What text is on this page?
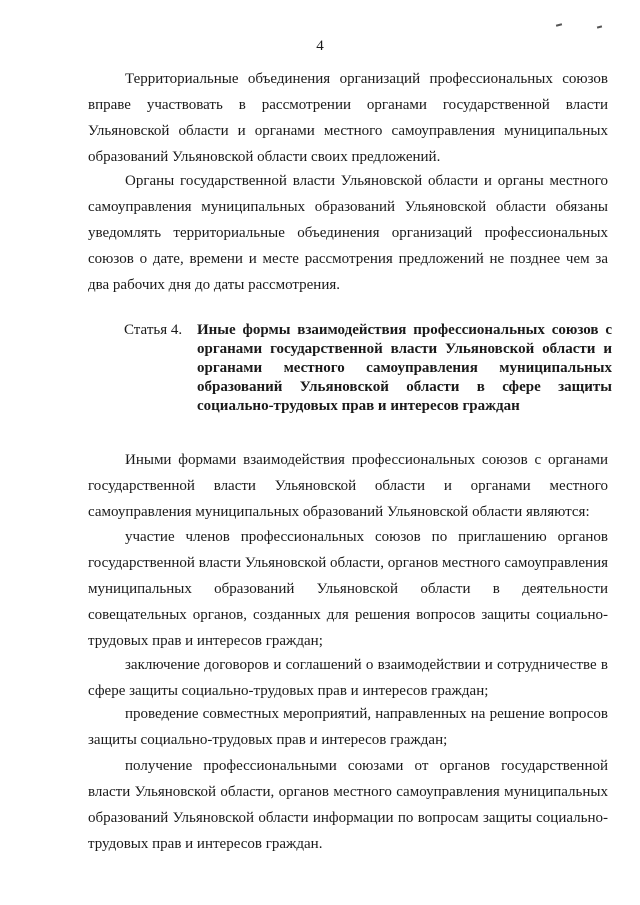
4

Территориальные объединения организаций профессиональных союзов вправе участвовать в рассмотрении органами государственной власти Ульяновской области и органами местного самоуправления муниципальных образований Ульяновской области своих предложений.

Органы государственной власти Ульяновской области и органы местного самоуправления муниципальных образований Ульяновской области обязаны уведомлять территориальные объединения организаций профессиональных союзов о дате, времени и месте рассмотрения предложений не позднее чем за два рабочих дня до даты рассмотрения.

Статья 4. Иные формы взаимодействия профессиональных союзов с органами государственной власти Ульяновской области и органами местного самоуправления муниципальных образований Ульяновской области в сфере защиты социально-трудовых прав и интересов граждан

Иными формами взаимодействия профессиональных союзов с органами государственной власти Ульяновской области и органами местного самоуправления муниципальных образований Ульяновской области являются:

участие членов профессиональных союзов по приглашению органов государственной власти Ульяновской области, органов местного самоуправления муниципальных образований Ульяновской области в деятельности совещательных органов, созданных для решения вопросов защиты социально-трудовых прав и интересов граждан;

заключение договоров и соглашений о взаимодействии и сотрудничестве в сфере защиты социально-трудовых прав и интересов граждан;

проведение совместных мероприятий, направленных на решение вопросов защиты социально-трудовых прав и интересов граждан;

получение профессиональными союзами от органов государственной власти Ульяновской области, органов местного самоуправления муниципальных образований Ульяновской области информации по вопросам защиты социально-трудовых прав и интересов граждан.
